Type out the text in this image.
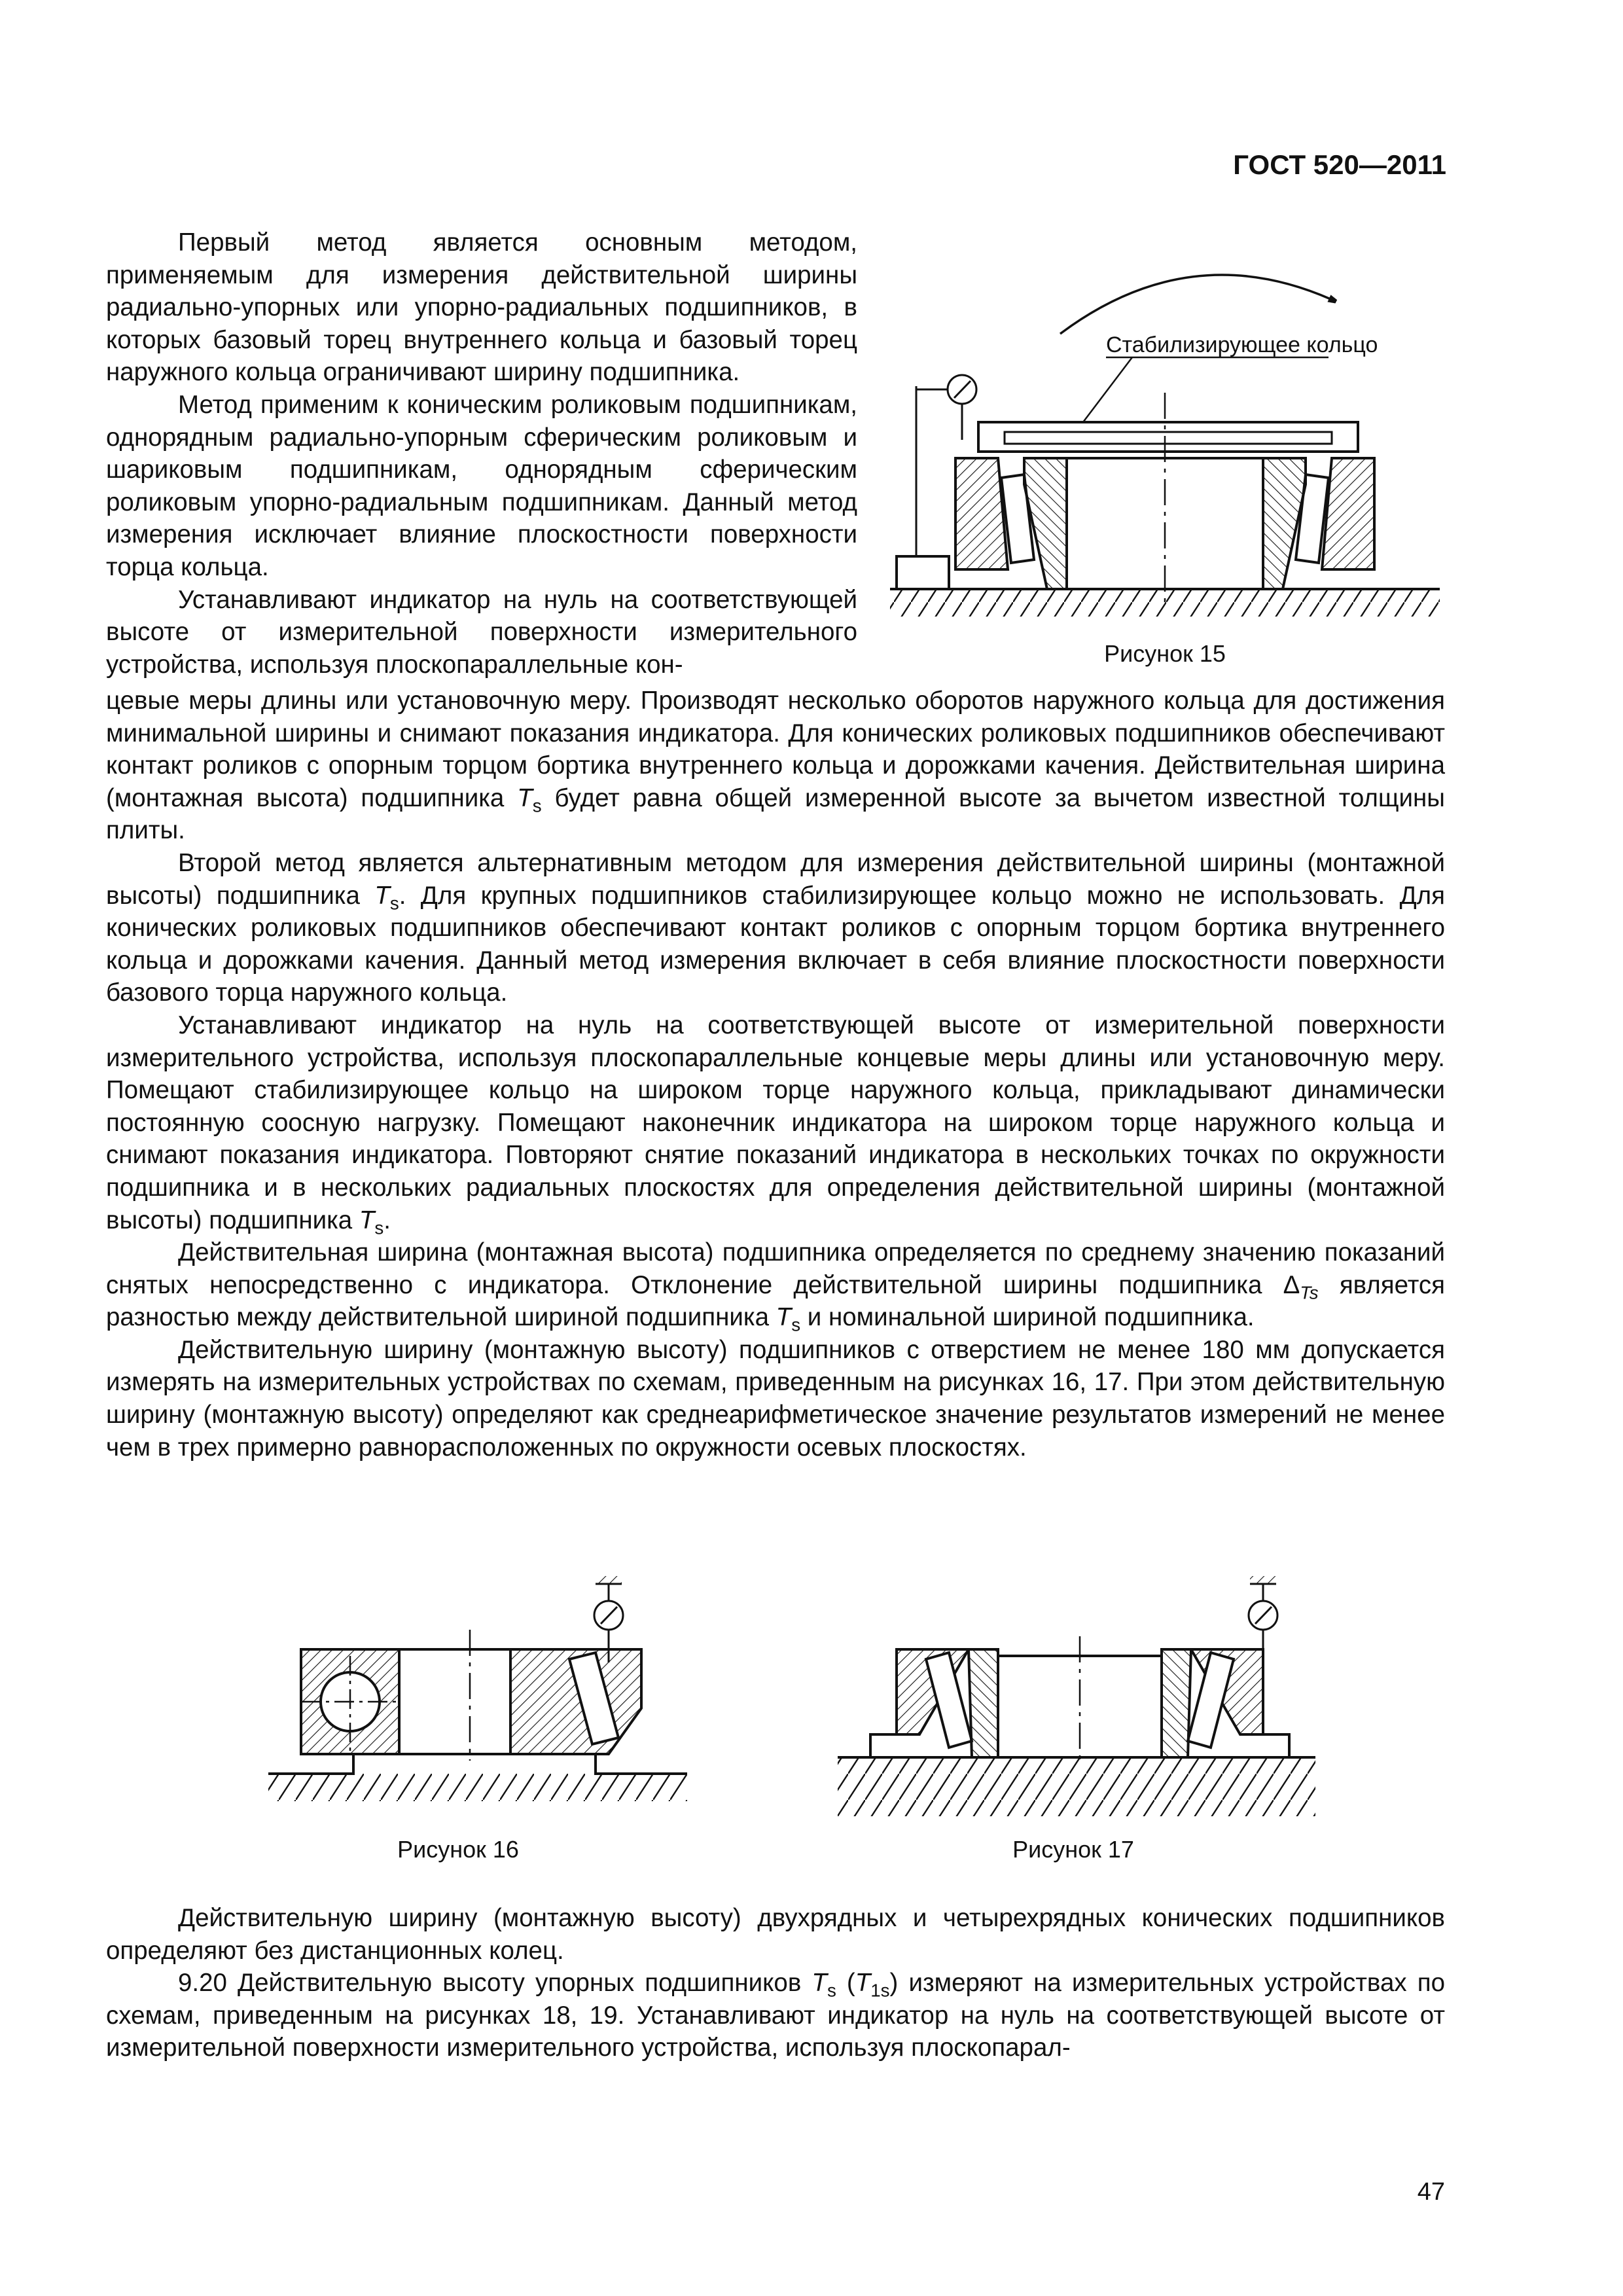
ГОСТ 520—2011

Первый метод является основным методом, применяемым для измерения действительной ширины радиально-упорных или упорно-радиальных подшипников, в которых базовый торец внутреннего кольца и базовый торец наружного кольца ограничивают ширину подшипника.

Метод применим к коническим роликовым подшипникам, однорядным радиально-упорным сферическим роликовым и шариковым подшипникам, однорядным сферическим роликовым упорно-радиальным подшипникам. Данный метод измерения исключает влияние плоскостности поверхности торца кольца.

Устанавливают индикатор на нуль на соответствующей высоте от измерительной поверхности измерительного устройства, используя плоскопараллельные кон-

Стабилизирующее кольцо
Рисунок 15

цевые меры длины или установочную меру. Производят несколько оборотов наружного кольца для достижения минимальной ширины и снимают показания индикатора. Для конических роликовых подшипников обеспечивают контакт роликов с опорным торцом бортика внутреннего кольца и дорожками качения. Действительная ширина (монтажная высота) подшипника $T_s$ будет равна общей измеренной высоте за вычетом известной толщины плиты.

Второй метод является альтернативным методом для измерения действительной ширины (монтажной высоты) подшипника $T_s$. Для крупных подшипников стабилизирующее кольцо можно не использовать. Для конических роликовых подшипников обеспечивают контакт роликов с опорным торцом бортика внутреннего кольца и дорожками качения. Данный метод измерения включает в себя влияние плоскостности поверхности базового торца наружного кольца.

Устанавливают индикатор на нуль на соответствующей высоте от измерительной поверхности измерительного устройства, используя плоскопараллельные концевые меры длины или установочную меру. Помещают стабилизирующее кольцо на широком торце наружного кольца, прикладывают динамически постоянную соосную нагрузку. Помещают наконечник индикатора на широком торце наружного кольца и снимают показания индикатора. Повторяют снятие показаний индикатора в нескольких точках по окружности подшипника и в нескольких радиальных плоскостях для определения действительной ширины (монтажной высоты) подшипника $T_s$.

Действительная ширина (монтажная высота) подшипника определяется по среднему значению показаний снятых непосредственно с индикатора. Отклонение действительной ширины подшипника $\Delta_{Ts}$ является разностью между действительной шириной подшипника $T_s$ и номинальной шириной подшипника.

Действительную ширину (монтажную высоту) подшипников с отверстием не менее 180 мм допускается измерять на измерительных устройствах по схемам, приведенным на рисунках 16, 17. При этом действительную ширину (монтажную высоту) определяют как среднеарифметическое значение результатов измерений не менее чем в трех примерно равнорасположенных по окружности осевых плоскостях.

Рисунок 16	Рисунок 17

Действительную ширину (монтажную высоту) двухрядных и четырехрядных конических подшипников определяют без дистанционных колец.

9.20 Действительную высоту упорных подшипников $T_s$ $(T_{1s})$ измеряют на измерительных устройствах по схемам, приведенным на рисунках 18, 19. Устанавливают индикатор на нуль на соответствующей высоте от измерительной поверхности измерительного устройства, используя плоскопарал-

47
